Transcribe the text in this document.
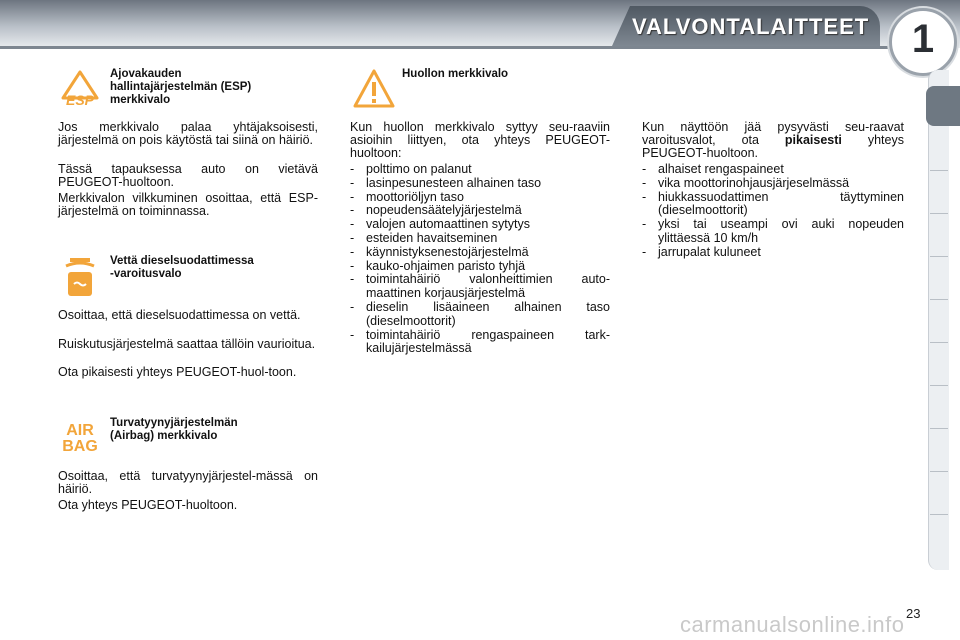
VALVONTALAITTEET	1
ESP
Ajovakauden
hallintajärjestelmän (ESP)
merkkivalo

Jos merkkivalo palaa yhtäjaksoisesti, järjestelmä on pois käytöstä tai siinä on häiriö.

Tässä tapauksessa auto on vietävä PEUGEOT-huoltoon.

Merkkivalon vilkkuminen osoittaa, että ESP-järjestelmä on toiminnassa.

Vettä dieselsuodattimessa
-varoitusvalo

Osoittaa, että dieselsuodattimessa on vettä.

Ruiskutusjärjestelmä saattaa tällöin vaurioitua.

Ota pikaisesti yhteys PEUGEOT-huol-toon.

AIR
BAG
Turvatyynyjärjestelmän
(Airbag) merkkivalo

Osoittaa, että turvatyynyjärjestel-mässä on häiriö.

Ota yhteys PEUGEOT-huoltoon.

Huollon merkkivalo

Kun huollon merkkivalo syttyy seu-raaviin asioihin liittyen, ota yhteys PEUGEOT-huoltoon:

- polttimo on palanut
- lasinpesunesteen alhainen taso
- moottoriöljyn taso
- nopeudensäätelyjärjestelmä
- valojen automaattinen sytytys
- esteiden havaitseminen
- käynnistyksenestojärjestelmä
- kauko-ohjaimen paristo tyhjä
- toimintahäiriö valonheittimien auto-maattinen korjausjärjestelmä
- dieselin lisäaineen alhainen taso (dieselmoottorit)
- toimintahäiriö rengaspaineen tark-kailujärjestelmässä

Kun näyttöön jää pysyvästi seu-raavat varoitusvalot, ota pikaisesti yhteys PEUGEOT-huoltoon.

- alhaiset rengaspaineet
- vika moottorinohjausjärjeselmässä
- hiukkassuodattimen täyttyminen (dieselmoottorit)
- yksi tai useampi ovi auki nopeuden ylittäessä 10 km/h
- jarrupalat kuluneet
23
carmanualsonline.info
